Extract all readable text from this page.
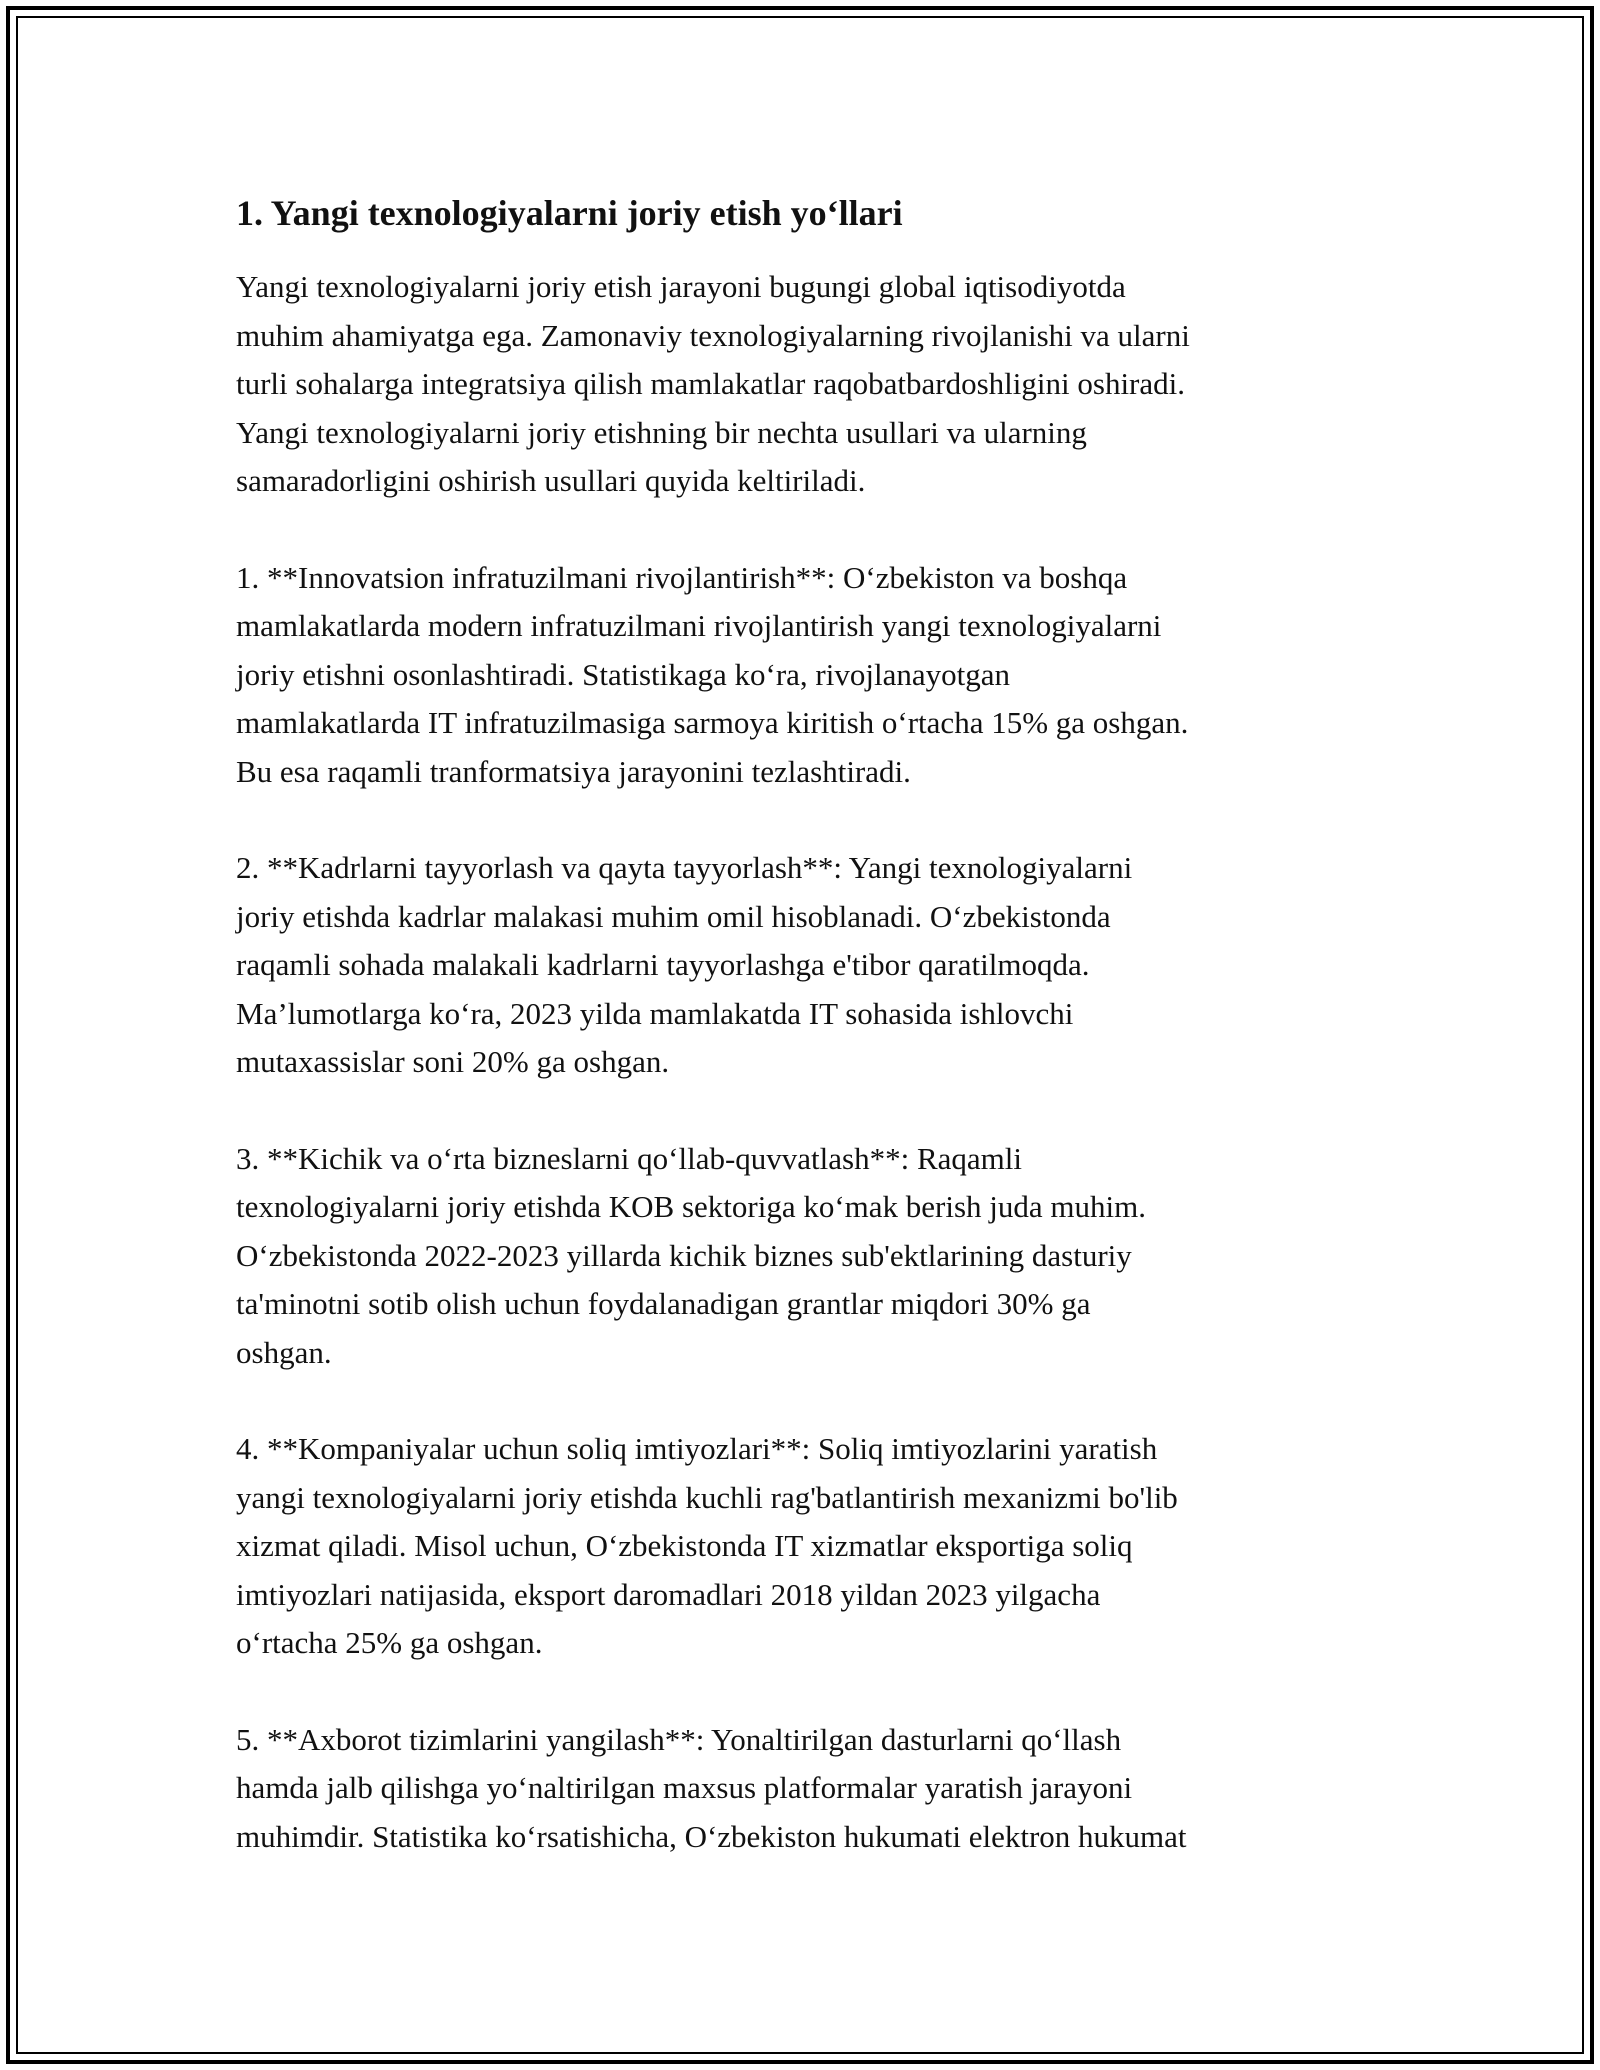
1. Yangi texnologiyalarni joriy etish yo‘llari
Yangi texnologiyalarni joriy etish jarayoni bugungi global iqtisodiyotda
muhim ahamiyatga ega. Zamonaviy texnologiyalarning rivojlanishi va ularni
turli sohalarga integratsiya qilish mamlakatlar raqobatbardoshligini oshiradi.
Yangi texnologiyalarni joriy etishning bir nechta usullari va ularning
samaradorligini oshirish usullari quyida keltiriladi.
1. **Innovatsion infratuzilmani rivojlantirish**: O‘zbekiston va boshqa
mamlakatlarda modern infratuzilmani rivojlantirish yangi texnologiyalarni
joriy etishni osonlashtiradi. Statistikaga ko‘ra, rivojlanayotgan
mamlakatlarda IT infratuzilmasiga sarmoya kiritish o‘rtacha 15% ga oshgan.
Bu esa raqamli tranformatsiya jarayonini tezlashtiradi.
2. **Kadrlarni tayyorlash va qayta tayyorlash**: Yangi texnologiyalarni
joriy etishda kadrlar malakasi muhim omil hisoblanadi. O‘zbekistonda
raqamli sohada malakali kadrlarni tayyorlashga e'tibor qaratilmoqda.
Ma’lumotlarga ko‘ra, 2023 yilda mamlakatda IT sohasida ishlovchi
mutaxassislar soni 20% ga oshgan.
3. **Kichik va o‘rta bizneslarni qo‘llab-quvvatlash**: Raqamli
texnologiyalarni joriy etishda KOB sektoriga ko‘mak berish juda muhim.
O‘zbekistonda 2022-2023 yillarda kichik biznes sub'ektlarining dasturiy
ta'minotni sotib olish uchun foydalanadigan grantlar miqdori 30% ga
oshgan.
4. **Kompaniyalar uchun soliq imtiyozlari**: Soliq imtiyozlarini yaratish
yangi texnologiyalarni joriy etishda kuchli rag'batlantirish mexanizmi bo'lib
xizmat qiladi. Misol uchun, O‘zbekistonda IT xizmatlar eksportiga soliq
imtiyozlari natijasida, eksport daromadlari 2018 yildan 2023 yilgacha
o‘rtacha 25% ga oshgan.
5. **Axborot tizimlarini yangilash**: Yonaltirilgan dasturlarni qo‘llash
hamda jalb qilishga yo‘naltirilgan maxsus platformalar yaratish jarayoni
muhimdir. Statistika ko‘rsatishicha, O‘zbekiston hukumati elektron hukumat
